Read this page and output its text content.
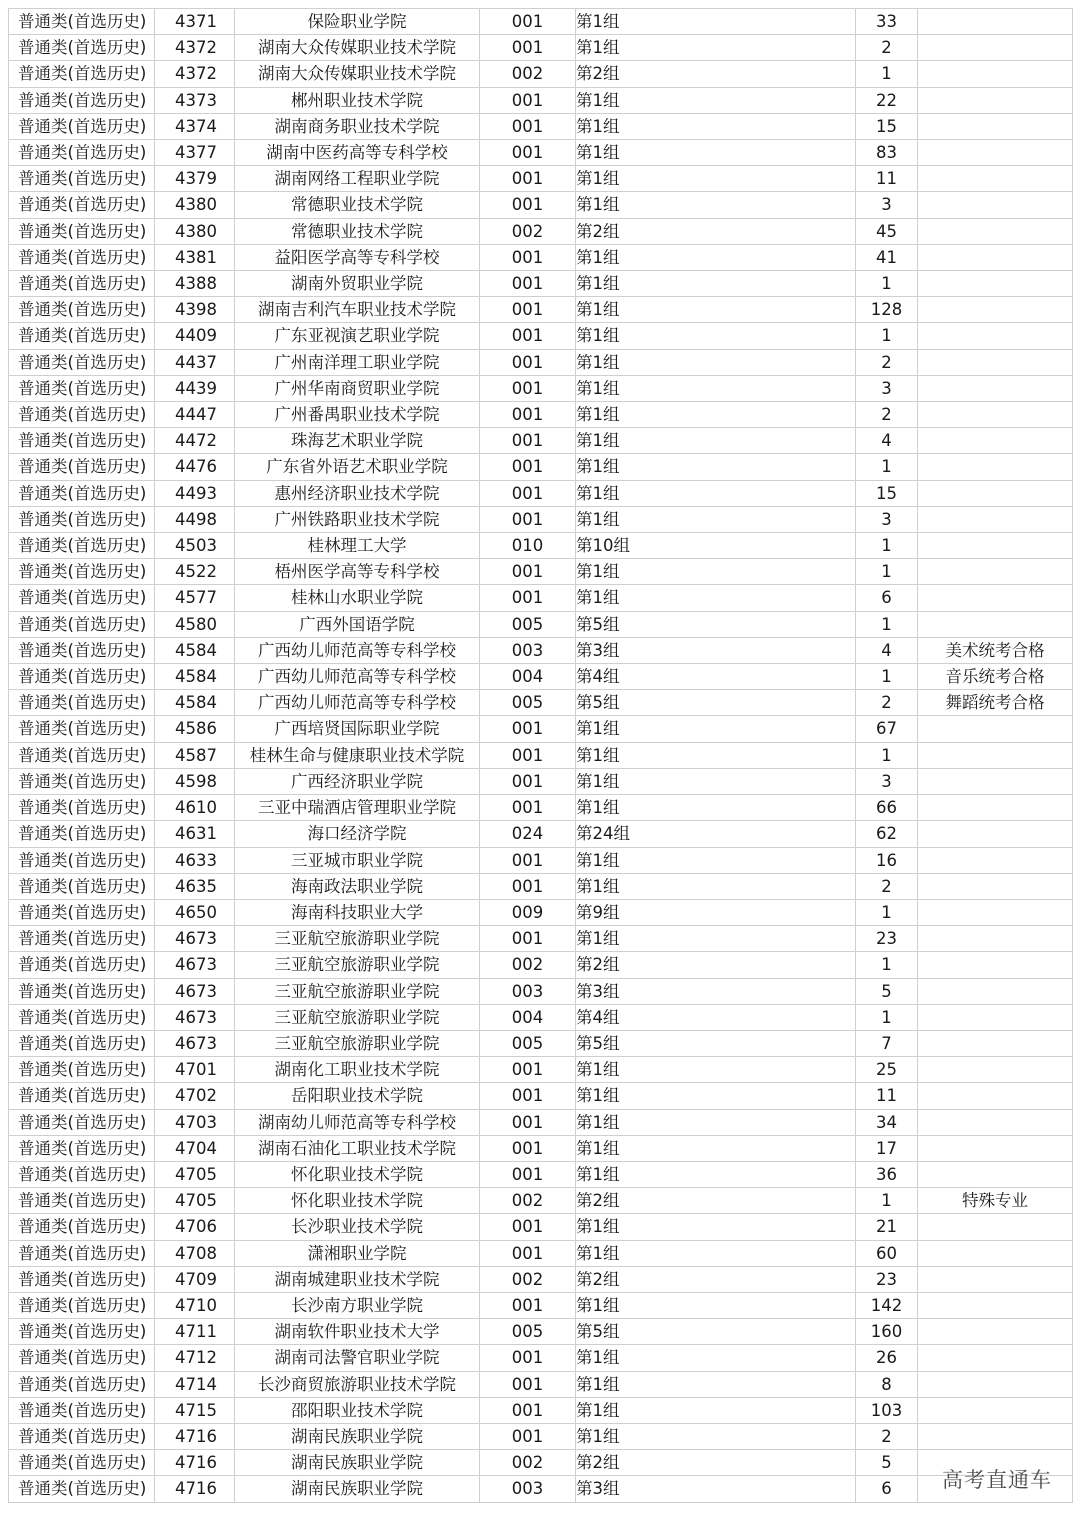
普通类(首选历史)	4371	保险职业学院	001	第1组	33	
普通类(首选历史)	4372	湖南大众传媒职业技术学院	001	第1组	2	
普通类(首选历史)	4372	湖南大众传媒职业技术学院	002	第2组	1	
普通类(首选历史)	4373	郴州职业技术学院	001	第1组	22	
普通类(首选历史)	4374	湖南商务职业技术学院	001	第1组	15	
普通类(首选历史)	4377	湖南中医药高等专科学校	001	第1组	83	
普通类(首选历史)	4379	湖南网络工程职业学院	001	第1组	11	
普通类(首选历史)	4380	常德职业技术学院	001	第1组	3	
普通类(首选历史)	4380	常德职业技术学院	002	第2组	45	
普通类(首选历史)	4381	益阳医学高等专科学校	001	第1组	41	
普通类(首选历史)	4388	湖南外贸职业学院	001	第1组	1	
普通类(首选历史)	4398	湖南吉利汽车职业技术学院	001	第1组	128	
普通类(首选历史)	4409	广东亚视演艺职业学院	001	第1组	1	
普通类(首选历史)	4437	广州南洋理工职业学院	001	第1组	2	
普通类(首选历史)	4439	广州华南商贸职业学院	001	第1组	3	
普通类(首选历史)	4447	广州番禺职业技术学院	001	第1组	2	
普通类(首选历史)	4472	珠海艺术职业学院	001	第1组	4	
普通类(首选历史)	4476	广东省外语艺术职业学院	001	第1组	1	
普通类(首选历史)	4493	惠州经济职业技术学院	001	第1组	15	
普通类(首选历史)	4498	广州铁路职业技术学院	001	第1组	3	
普通类(首选历史)	4503	桂林理工大学	010	第10组	1	
普通类(首选历史)	4522	梧州医学高等专科学校	001	第1组	1	
普通类(首选历史)	4577	桂林山水职业学院	001	第1组	6	
普通类(首选历史)	4580	广西外国语学院	005	第5组	1	
普通类(首选历史)	4584	广西幼儿师范高等专科学校	003	第3组	4	美术统考合格
普通类(首选历史)	4584	广西幼儿师范高等专科学校	004	第4组	1	音乐统考合格
普通类(首选历史)	4584	广西幼儿师范高等专科学校	005	第5组	2	舞蹈统考合格
普通类(首选历史)	4586	广西培贤国际职业学院	001	第1组	67	
普通类(首选历史)	4587	桂林生命与健康职业技术学院	001	第1组	1	
普通类(首选历史)	4598	广西经济职业学院	001	第1组	3	
普通类(首选历史)	4610	三亚中瑞酒店管理职业学院	001	第1组	66	
普通类(首选历史)	4631	海口经济学院	024	第24组	62	
普通类(首选历史)	4633	三亚城市职业学院	001	第1组	16	
普通类(首选历史)	4635	海南政法职业学院	001	第1组	2	
普通类(首选历史)	4650	海南科技职业大学	009	第9组	1	
普通类(首选历史)	4673	三亚航空旅游职业学院	001	第1组	23	
普通类(首选历史)	4673	三亚航空旅游职业学院	002	第2组	1	
普通类(首选历史)	4673	三亚航空旅游职业学院	003	第3组	5	
普通类(首选历史)	4673	三亚航空旅游职业学院	004	第4组	1	
普通类(首选历史)	4673	三亚航空旅游职业学院	005	第5组	7	
普通类(首选历史)	4701	湖南化工职业技术学院	001	第1组	25	
普通类(首选历史)	4702	岳阳职业技术学院	001	第1组	11	
普通类(首选历史)	4703	湖南幼儿师范高等专科学校	001	第1组	34	
普通类(首选历史)	4704	湖南石油化工职业技术学院	001	第1组	17	
普通类(首选历史)	4705	怀化职业技术学院	001	第1组	36	
普通类(首选历史)	4705	怀化职业技术学院	002	第2组	1	特殊专业
普通类(首选历史)	4706	长沙职业技术学院	001	第1组	21	
普通类(首选历史)	4708	潇湘职业学院	001	第1组	60	
普通类(首选历史)	4709	湖南城建职业技术学院	002	第2组	23	
普通类(首选历史)	4710	长沙南方职业学院	001	第1组	142	
普通类(首选历史)	4711	湖南软件职业技术大学	005	第5组	160	
普通类(首选历史)	4712	湖南司法警官职业学院	001	第1组	26	
普通类(首选历史)	4714	长沙商贸旅游职业技术学院	001	第1组	8	
普通类(首选历史)	4715	邵阳职业技术学院	001	第1组	103	
普通类(首选历史)	4716	湖南民族职业学院	001	第1组	2	
普通类(首选历史)	4716	湖南民族职业学院	002	第2组	5	
普通类(首选历史)	4716	湖南民族职业学院	003	第3组	6	高考直通车
